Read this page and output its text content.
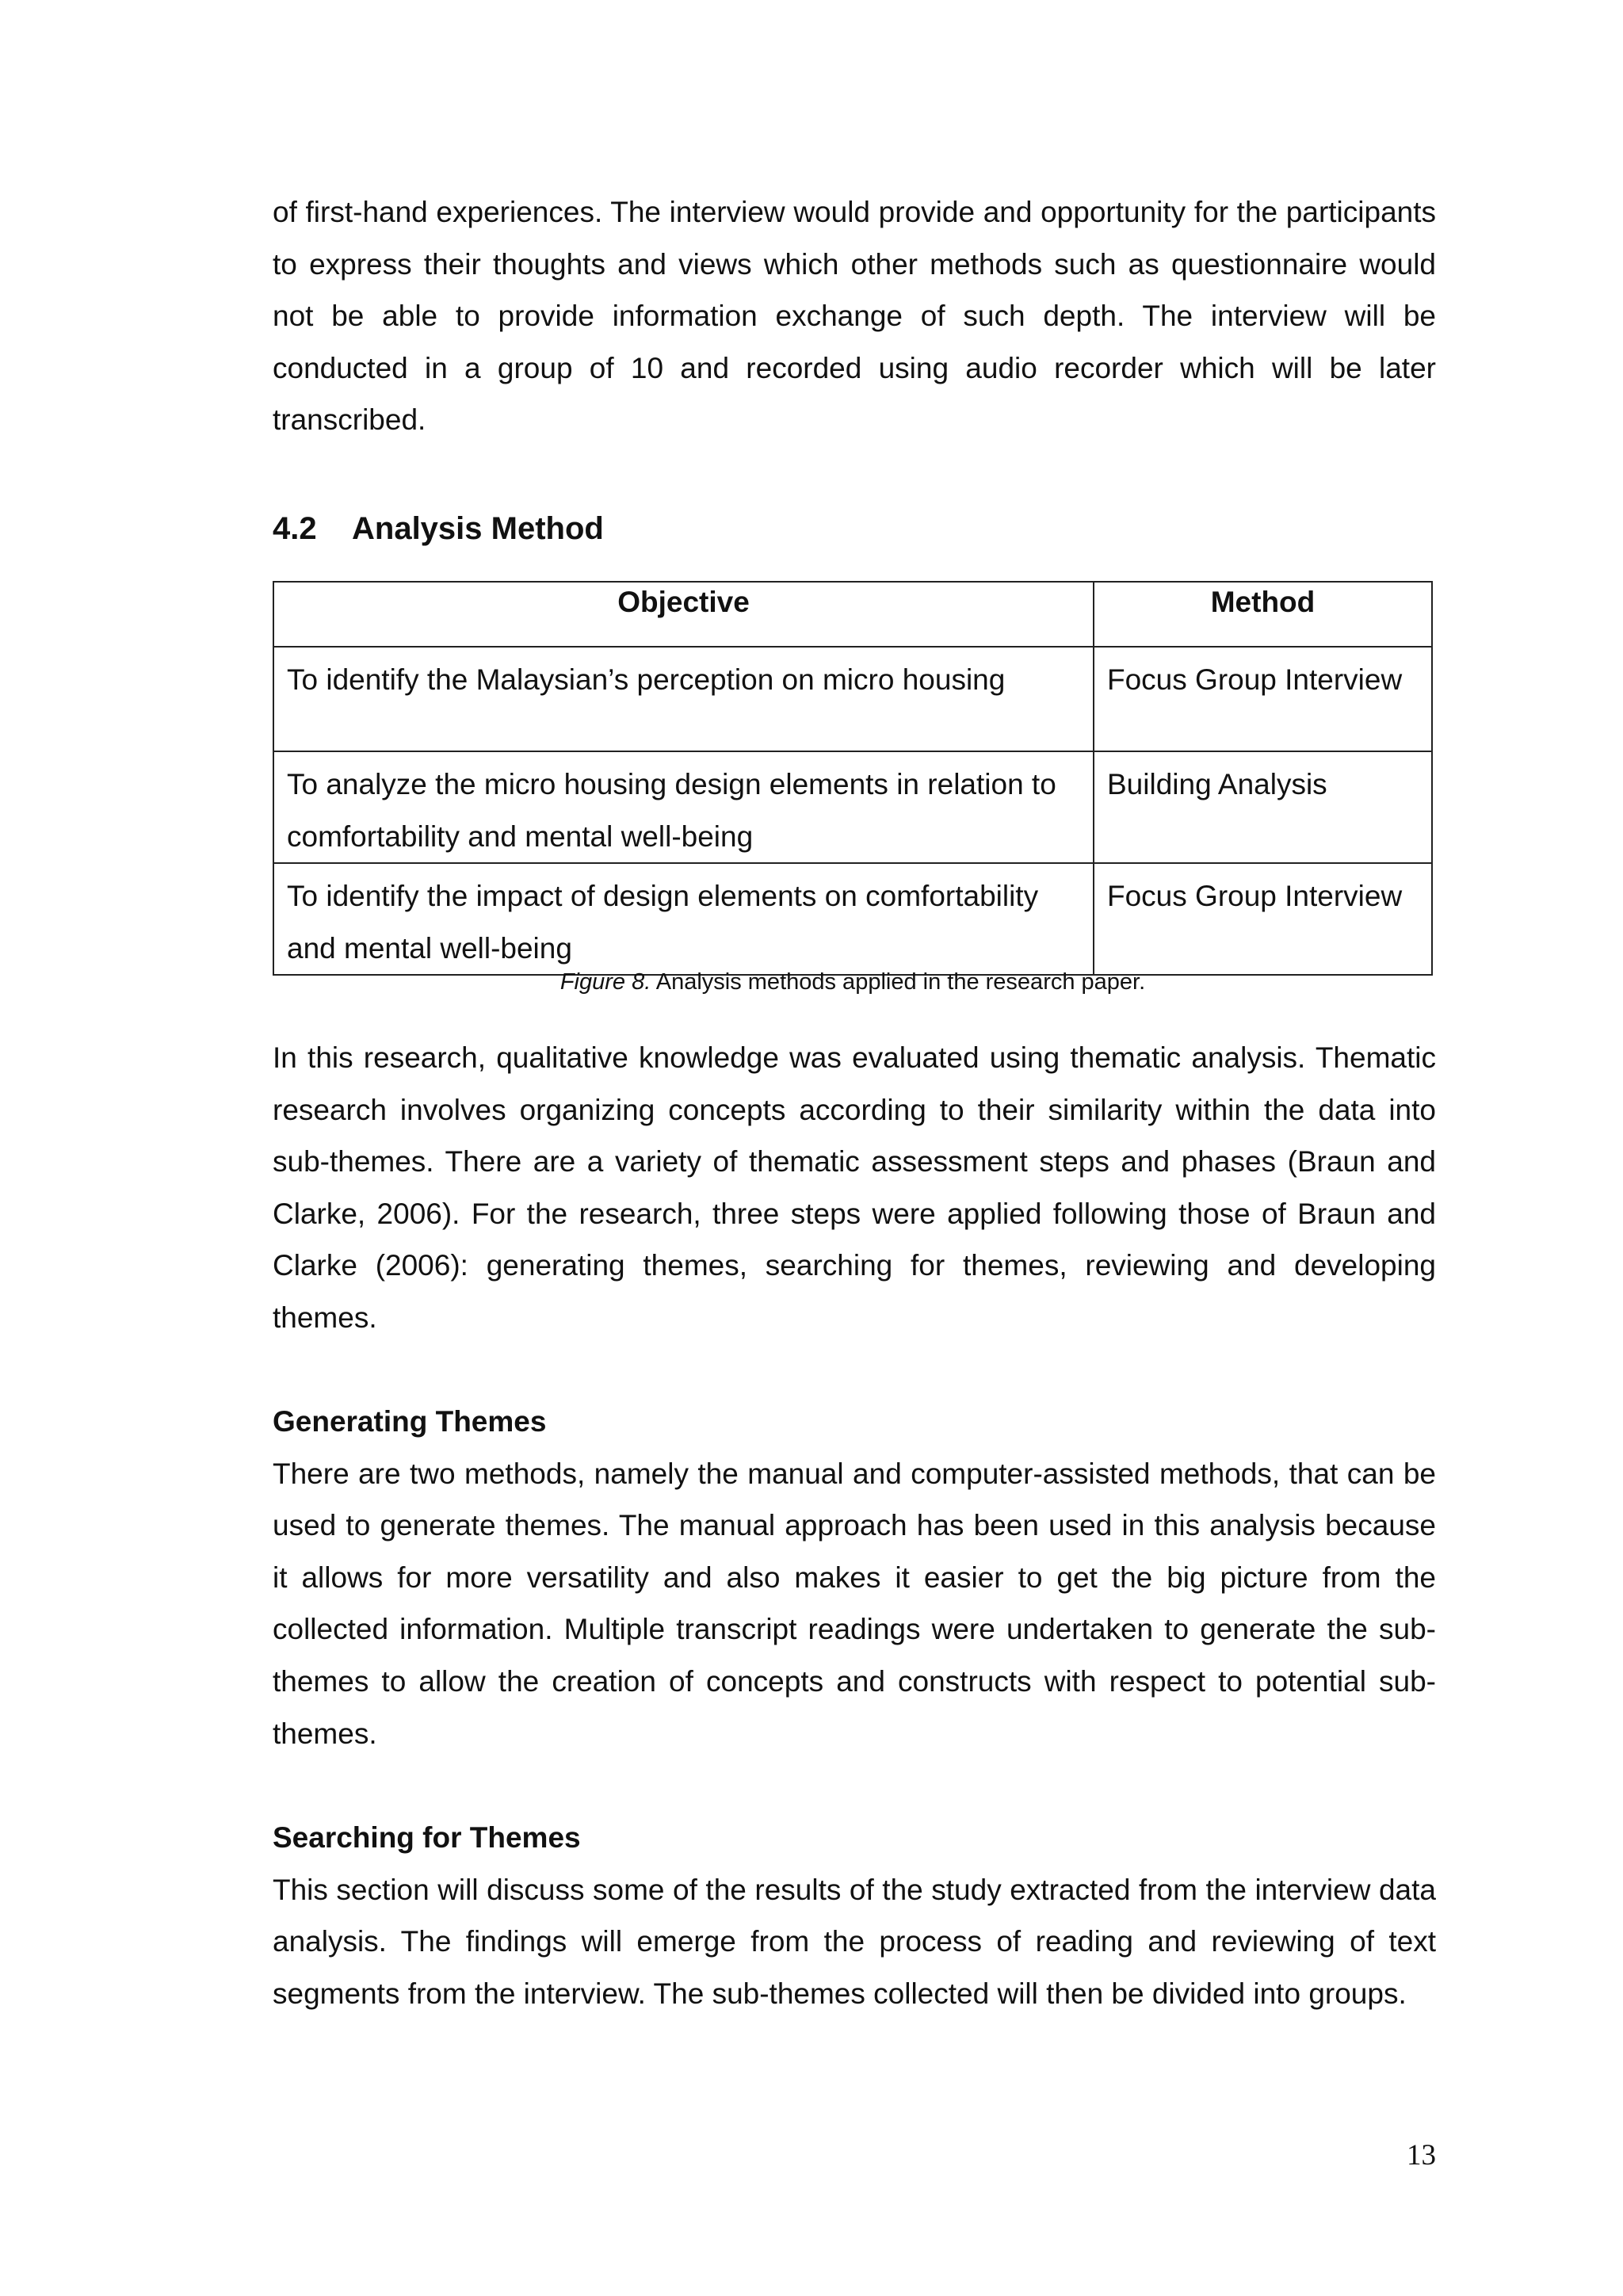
of first-hand experiences. The interview would provide and opportunity for the participants to express their thoughts and views which other methods such as questionnaire would not be able to provide information exchange of such depth. The interview will be conducted in a group of 10 and recorded using audio recorder which will be later transcribed.

4.2 Analysis Method
Objective	Method
To identify the Malaysian’s perception on micro housing	Focus Group Interview
To analyze the micro housing design elements in relation to comfortability and mental well-being	Building Analysis
To identify the impact of design elements on comfortability and mental well-being	Focus Group Interview
Figure 8. Analysis methods applied in the research paper.

In this research, qualitative knowledge was evaluated using thematic analysis. Thematic research involves organizing concepts according to their similarity within the data into sub-themes. There are a variety of thematic assessment steps and phases (Braun and Clarke, 2006). For the research, three steps were applied following those of Braun and Clarke (2006): generating themes, searching for themes, reviewing and developing themes.

Generating Themes

There are two methods, namely the manual and computer-assisted methods, that can be used to generate themes. The manual approach has been used in this analysis because it allows for more versatility and also makes it easier to get the big picture from the collected information. Multiple transcript readings were undertaken to generate the sub-themes to allow the creation of concepts and constructs with respect to potential sub-themes.

Searching for Themes

This section will discuss some of the results of the study extracted from the interview data analysis. The findings will emerge from the process of reading and reviewing of text segments from the interview. The sub-themes collected will then be divided into groups.

13
